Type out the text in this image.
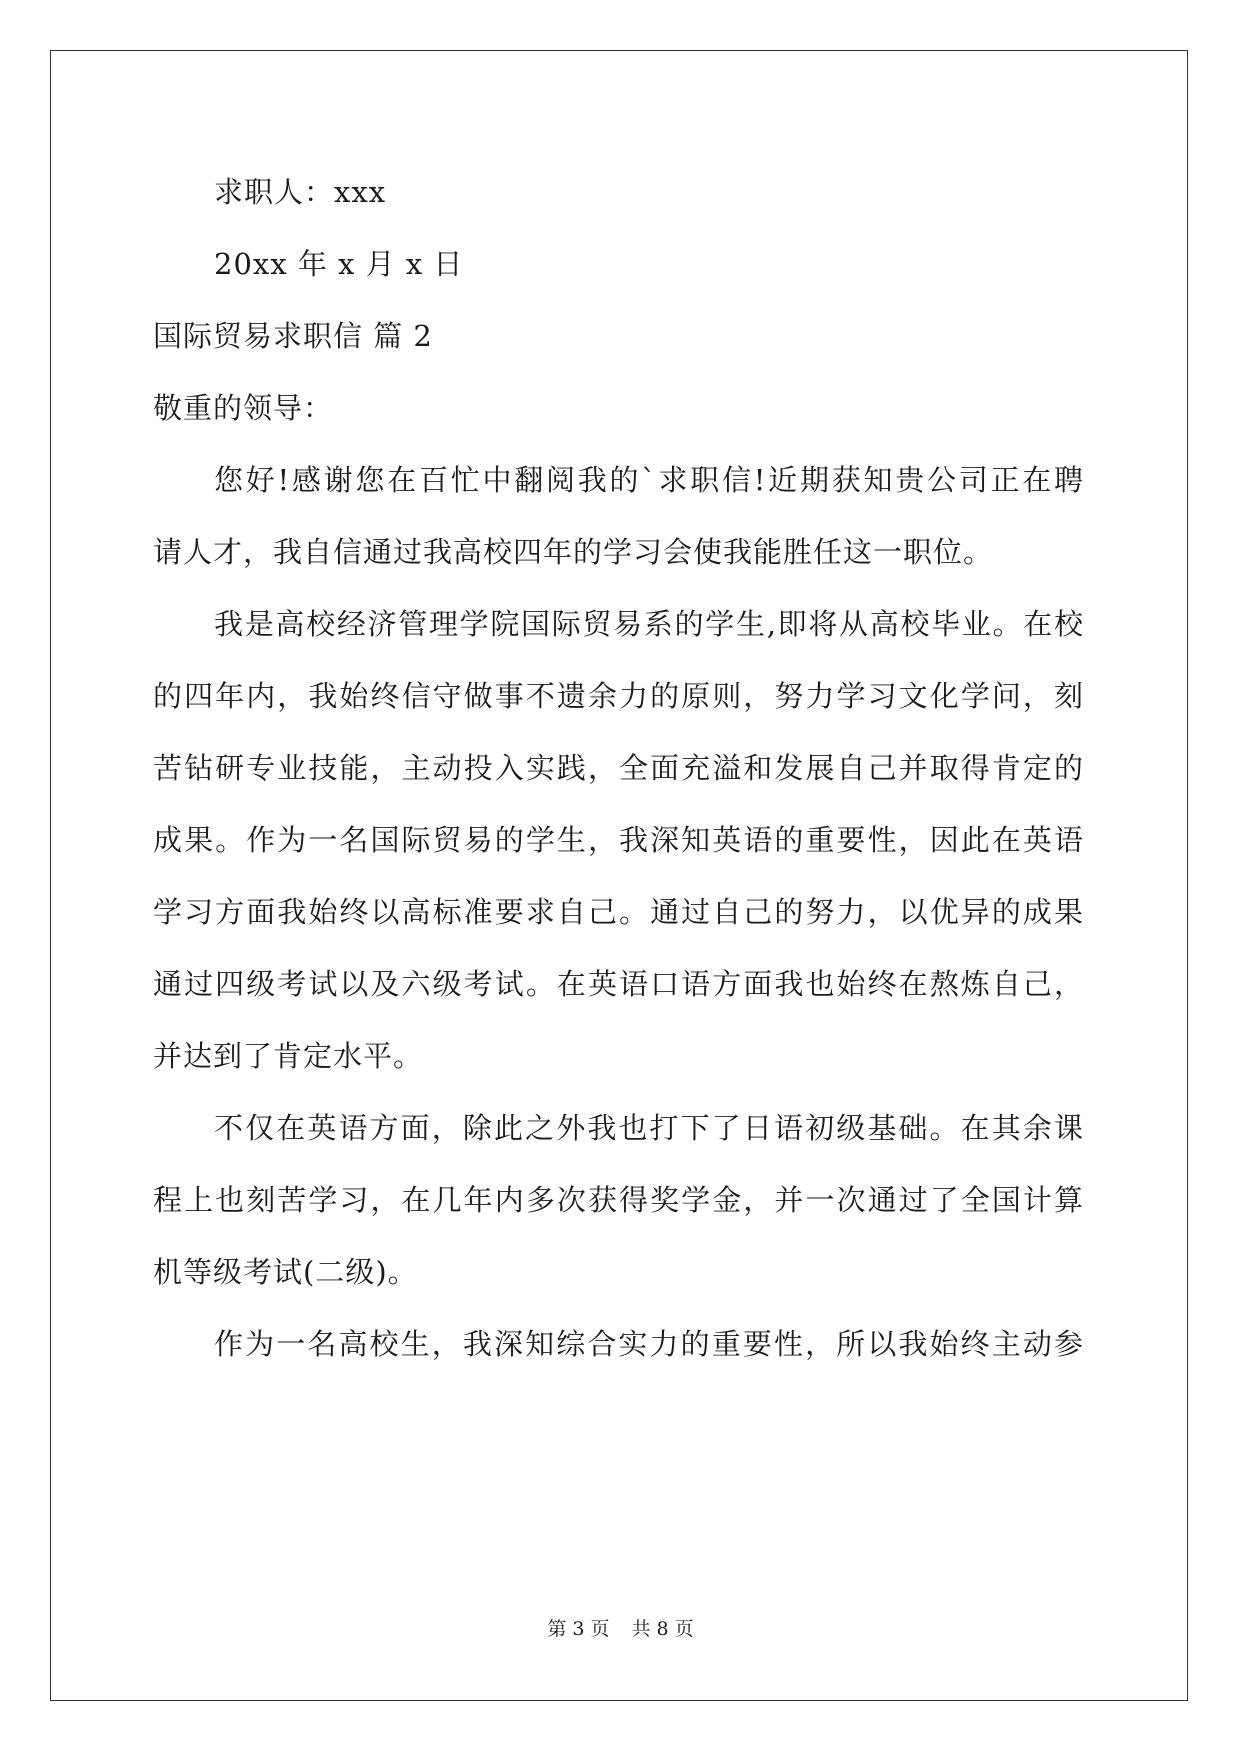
求职人：xxx
20xx 年 x 月 x 日
国际贸易求职信 篇 2
敬重的领导：
您好!感谢您在百忙中翻阅我的`求职信!近期获知贵公司正在聘
请人才，我自信通过我高校四年的学习会使我能胜任这一职位。
我是高校经济管理学院国际贸易系的学生,即将从高校毕业。在校
的四年内，我始终信守做事不遗余力的原则，努力学习文化学问，刻
苦钻研专业技能，主动投入实践，全面充溢和发展自己并取得肯定的
成果。作为一名国际贸易的学生，我深知英语的重要性，因此在英语
学习方面我始终以高标准要求自己。通过自己的努力，以优异的成果
通过四级考试以及六级考试。在英语口语方面我也始终在熬炼自己，
并达到了肯定水平。
不仅在英语方面，除此之外我也打下了日语初级基础。在其余课
程上也刻苦学习，在几年内多次获得奖学金，并一次通过了全国计算
机等级考试(二级)。
作为一名高校生，我深知综合实力的重要性，所以我始终主动参
第 3 页 共 8 页
